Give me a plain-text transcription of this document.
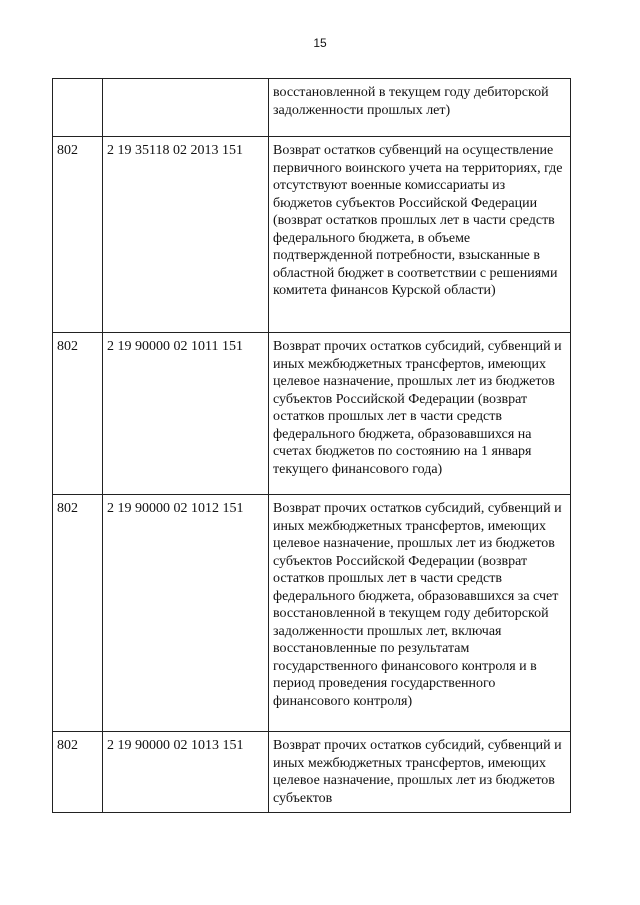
15
		восстановленной в текущем году дебиторской задолженности прошлых лет)
802	2 19 35118 02 2013 151	Возврат остатков субвенций на осуществление первичного воинского учета на территориях, где отсутствуют военные комиссариаты из бюджетов субъектов Российской Федерации (возврат остатков прошлых лет в части средств федерального бюджета, в объеме подтвержденной потребности, взысканные в областной бюджет в соответствии с решениями комитета финансов Курской области)
802	2 19 90000 02 1011 151	Возврат прочих остатков субсидий, субвенций и иных межбюджетных трансфертов, имеющих целевое назначение, прошлых лет из бюджетов субъектов Российской Федерации (возврат остатков прошлых лет в части средств федерального бюджета, образовавшихся на счетах бюджетов по состоянию на 1 января текущего финансового года)
802	2 19 90000 02 1012 151	Возврат прочих остатков субсидий, субвенций и иных межбюджетных трансфертов, имеющих целевое назначение, прошлых лет из бюджетов субъектов Российской Федерации (возврат остатков прошлых лет в части средств федерального бюджета, образовавшихся за счет восстановленной в текущем году дебиторской задолженности прошлых лет, включая восстановленные по результатам государственного финансового контроля и в период проведения государственного финансового контроля)
802	2 19 90000 02 1013 151	Возврат прочих остатков субсидий, субвенций и иных межбюджетных трансфертов, имеющих целевое назначение, прошлых лет из бюджетов субъектов
